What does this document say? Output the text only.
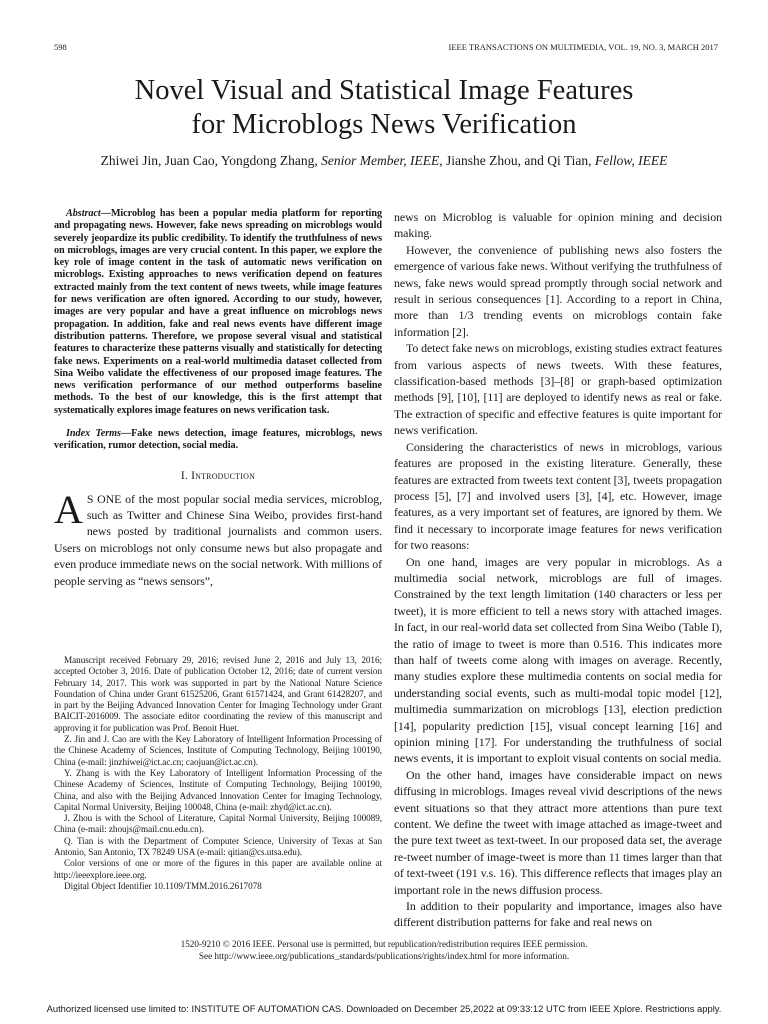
598	IEEE TRANSACTIONS ON MULTIMEDIA, VOL. 19, NO. 3, MARCH 2017
Novel Visual and Statistical Image Features
for Microblogs News Verification
Zhiwei Jin, Juan Cao, Yongdong Zhang, Senior Member, IEEE, Jianshe Zhou, and Qi Tian, Fellow, IEEE

Abstract—Microblog has been a popular media platform for reporting and propagating news. However, fake news spreading on microblogs would severely jeopardize its public credibility. To identify the truthfulness of news on microblogs, images are very crucial content. In this paper, we explore the key role of image content in the task of automatic news verification on microblogs. Existing approaches to news verification depend on features extracted mainly from the text content of news tweets, while image features for news verification are often ignored. According to our study, however, images are very popular and have a great influence on microblogs news propagation. In addition, fake and real news events have different image distribution patterns. Therefore, we propose several visual and statistical features to characterize these patterns visually and statistically for detecting fake news. Experiments on a real-world multimedia dataset collected from Sina Weibo validate the effectiveness of our proposed image features. The news verification performance of our method outperforms baseline methods. To the best of our knowledge, this is the first attempt that systematically explores image features on news verification task.

Index Terms—Fake news detection, image features, microblogs, news verification, rumor detection, social media.

I. Introduction

A S ONE of the most popular social media services, microblog, such as Twitter and Chinese Sina Weibo, provides first-hand news posted by traditional journalists and common users. Users on microblogs not only consume news but also propagate and even produce immediate news on the social network. With millions of people serving as “news sensors”,

Manuscript received February 29, 2016; revised June 2, 2016 and July 13, 2016; accepted October 3, 2016. Date of publication October 12, 2016; date of current version February 14, 2017. This work was supported in part by the National Nature Science Foundation of China under Grant 61525206, Grant 61571424, and Grant 61428207, and in part by the Beijing Advanced Innovation Center for Imaging Technology under Grant BAICIT-2016009. The associate editor coordinating the review of this manuscript and approving it for publication was Prof. Benoit Huet.

Z. Jin and J. Cao are with the Key Laboratory of Intelligent Information Processing of the Chinese Academy of Sciences, Institute of Computing Technology, Beijing 100190, China (e-mail: jinzhiwei@ict.ac.cn; caojuan@ict.ac.cn).

Y. Zhang is with the Key Laboratory of Intelligent Information Processing of the Chinese Academy of Sciences, Institute of Computing Technology, Beijing 100190, China, and also with the Beijing Advanced Innovation Center for Imaging Technology, Capital Normal University, Beijing 100048, China (e-mail: zhyd@ict.ac.cn).

J. Zhou is with the School of Literature, Capital Normal University, Beijing 100089, China (e-mail: zhoujs@mail.cnu.edu.cn).

Q. Tian is with the Department of Computer Science, University of Texas at San Antonio, San Antonio, TX 78249 USA (e-mail: qitian@cs.utsa.edu).

Color versions of one or more of the figures in this paper are available online at http://ieeexplore.ieee.org.

Digital Object Identifier 10.1109/TMM.2016.2617078

news on Microblog is valuable for opinion mining and decision making.

However, the convenience of publishing news also fosters the emergence of various fake news. Without verifying the truthfulness of news, fake news would spread promptly through social network and result in serious consequences [1]. According to a report in China, more than 1/3 trending events on microblogs contain fake information [2].

To detect fake news on microblogs, existing studies extract features from various aspects of news tweets. With these features, classification-based methods [3]–[8] or graph-based optimization methods [9], [10], [11] are deployed to identify news as real or fake. The extraction of specific and effective features is quite important for news verification.

Considering the characteristics of news in microblogs, various features are proposed in the existing literature. Generally, these features are extracted from tweets text content [3], tweets propagation process [5], [7] and involved users [3], [4], etc. However, image features, as a very important set of features, are ignored by them. We find it necessary to incorporate image features for news verification for two reasons:

On one hand, images are very popular in microblogs. As a multimedia social network, microblogs are full of images. Constrained by the text length limitation (140 characters or less per tweet), it is more efficient to tell a news story with attached images. In fact, in our real-world data set collected from Sina Weibo (Table I), the ratio of image to tweet is more than 0.516. This indicates more than half of tweets come along with images on average. Recently, many studies explore these multimedia contents on social media for understanding social events, such as multi-modal topic model [12], multimedia summarization on microblogs [13], election prediction [14], popularity prediction [15], visual concept learning [16] and opinion mining [17]. For understanding the truthfulness of social news events, it is important to exploit visual contents on social media.

On the other hand, images have considerable impact on news diffusing in microblogs. Images reveal vivid descriptions of the news event situations so that they attract more attentions than pure text content. We define the tweet with image attached as image-tweet and the pure text tweet as text-tweet. In our proposed data set, the average re-tweet number of image-tweet is more than 11 times larger than that of text-tweet (191 v.s. 16). This difference reflects that images play an important role in the news diffusion process.

In addition to their popularity and importance, images also have different distribution patterns for fake and real news on

1520-9210 © 2016 IEEE. Personal use is permitted, but republication/redistribution requires IEEE permission.
See http://www.ieee.org/publications_standards/publications/rights/index.html for more information.
Authorized licensed use limited to: INSTITUTE OF AUTOMATION CAS. Downloaded on December 25,2022 at 09:33:12 UTC from IEEE Xplore. Restrictions apply.
